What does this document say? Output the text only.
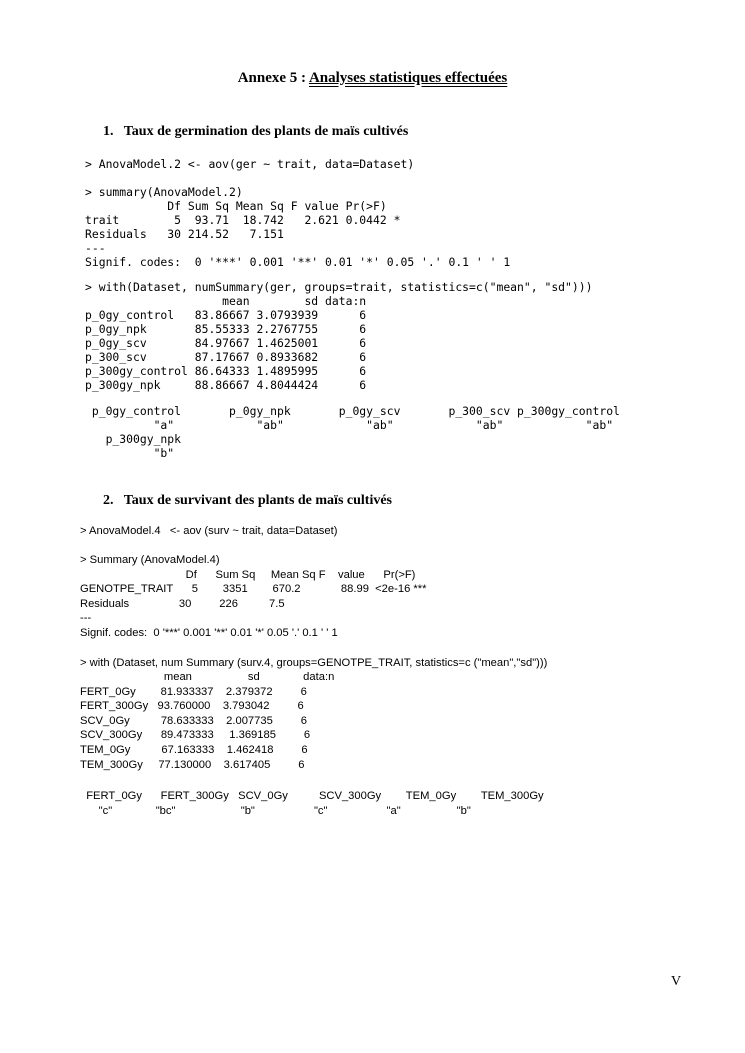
Annexe 5 : Analyses statistiques effectuées
1.   Taux de germination des plants de maïs cultivés
> AnovaModel.2 <- aov(ger ~ trait, data=Dataset)
> summary(AnovaModel.2)
Df Sum Sq Mean Sq F value Pr(>F)
trait        5  93.71  18.742   2.621 0.0442 *
Residuals   30 214.52   7.151
---
Signif. codes:  0 '***' 0.001 '**' 0.01 '*' 0.05 '.' 0.1 ' ' 1
> with(Dataset, numSummary(ger, groups=trait, statistics=c("mean", "sd")))
mean        sd data:n
p_0gy_control   83.86667 3.0793939      6
p_0gy_npk       85.55333 2.2767755      6
p_0gy_scv       84.97667 1.4625001      6
p_300_scv       87.17667 0.8933682      6
p_300gy_control 86.64333 1.4895995      6
p_300gy_npk     88.86667 4.8044424      6
p_0gy_control       p_0gy_npk       p_0gy_scv       p_300_scv p_300gy_control
"a"            "ab"            "ab"            "ab"            "ab"
p_300gy_npk
"b"
2.   Taux de survivant des plants de maïs cultivés
> AnovaModel.4   <- aov (surv ~ trait, data=Dataset)
> Summary (AnovaModel.4)
Df      Sum Sq     Mean Sq F    value      Pr(>F)
GENOTPE_TRAIT      5        3351        670.2             88.99  <2e-16 ***
Residuals                30         226          7.5
---
Signif. codes:  0 '***' 0.001 '**' 0.01 '*' 0.05 '.' 0.1 ' ' 1
> with (Dataset, num Summary (surv.4, groups=GENOTPE_TRAIT, statistics=c ("mean","sd")))
mean                  sd              data:n
FERT_0Gy        81.933337    2.379372         6
FERT_300Gy   93.760000    3.793042         6
SCV_0Gy          78.633333    2.007735         6
SCV_300Gy      89.473333     1.369185         6
TEM_0Gy          67.163333    1.462418         6
TEM_300Gy     77.130000    3.617405         6
FERT_0Gy      FERT_300Gy   SCV_0Gy          SCV_300Gy        TEM_0Gy        TEM_300Gy
"c"              "bc"                     "b"                   "c"                   "a"                  "b"
V
